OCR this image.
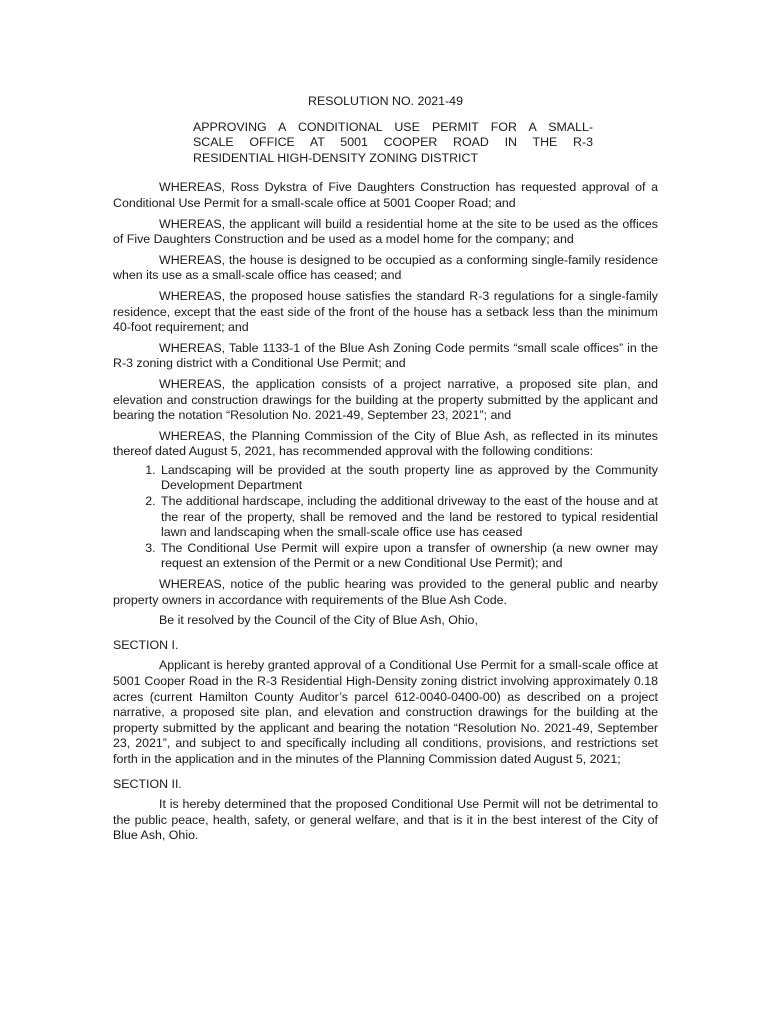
RESOLUTION NO. 2021-49
APPROVING A CONDITIONAL USE PERMIT FOR A SMALL-
SCALE OFFICE AT 5001 COOPER ROAD IN THE R-3
RESIDENTIAL HIGH-DENSITY ZONING DISTRICT

WHEREAS, Ross Dykstra of Five Daughters Construction has requested approval of a Conditional Use Permit for a small-scale office at 5001 Cooper Road; and

WHEREAS, the applicant will build a residential home at the site to be used as the offices of Five Daughters Construction and be used as a model home for the company; and

WHEREAS, the house is designed to be occupied as a conforming single-family residence when its use as a small-scale office has ceased; and

WHEREAS, the proposed house satisfies the standard R-3 regulations for a single-family residence, except that the east side of the front of the house has a setback less than the minimum 40-foot requirement; and

WHEREAS, Table 1133-1 of the Blue Ash Zoning Code permits “small scale offices” in the R-3 zoning district with a Conditional Use Permit; and

WHEREAS, the application consists of a project narrative, a proposed site plan, and elevation and construction drawings for the building at the property submitted by the applicant and bearing the notation “Resolution No. 2021-49, September 23, 2021”; and

WHEREAS, the Planning Commission of the City of Blue Ash, as reflected in its minutes thereof dated August 5, 2021, has recommended approval with the following conditions:

1. Landscaping will be provided at the south property line as approved by the Community Development Department
2. The additional hardscape, including the additional driveway to the east of the house and at the rear of the property, shall be removed and the land be restored to typical residential lawn and landscaping when the small-scale office use has ceased
3. The Conditional Use Permit will expire upon a transfer of ownership (a new owner may request an extension of the Permit or a new Conditional Use Permit); and

WHEREAS, notice of the public hearing was provided to the general public and nearby property owners in accordance with requirements of the Blue Ash Code.

Be it resolved by the Council of the City of Blue Ash, Ohio,

SECTION I.

Applicant is hereby granted approval of a Conditional Use Permit for a small-scale office at 5001 Cooper Road in the R-3 Residential High-Density zoning district involving approximately 0.18 acres (current Hamilton County Auditor’s parcel 612-0040-0400-00) as described on a project narrative, a proposed site plan, and elevation and construction drawings for the building at the property submitted by the applicant and bearing the notation “Resolution No. 2021-49, September 23, 2021”, and subject to and specifically including all conditions, provisions, and restrictions set forth in the application and in the minutes of the Planning Commission dated August 5, 2021;

SECTION II.

It is hereby determined that the proposed Conditional Use Permit will not be detrimental to the public peace, health, safety, or general welfare, and that is it in the best interest of the City of Blue Ash, Ohio.
